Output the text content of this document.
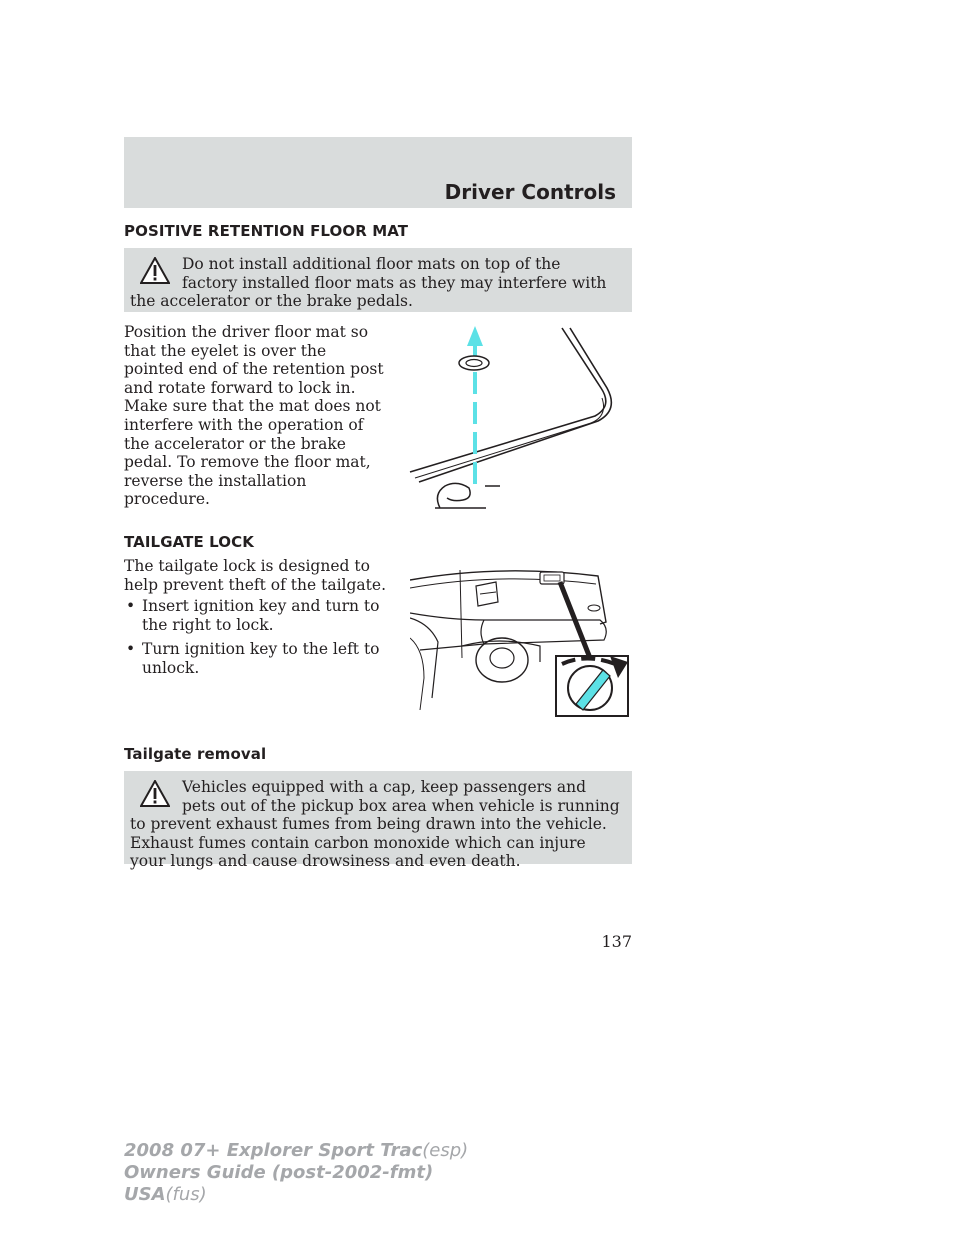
Driver Controls
POSITIVE RETENTION FLOOR MAT
Do not install additional floor mats on top of the factory installed floor mats as they may interfere with the accelerator or the brake pedals.
Position the driver floor mat so that the eyelet is over the pointed end of the retention post and rotate forward to lock in. Make sure that the mat does not interfere with the operation of the accelerator or the brake pedal. To remove the floor mat, reverse the installation procedure.
TAILGATE LOCK
The tailgate lock is designed to help prevent theft of the tailgate.
• Insert ignition key and turn to the right to lock.
• Turn ignition key to the left to unlock.
Tailgate removal
Vehicles equipped with a cap, keep passengers and pets out of the pickup box area when vehicle is running to prevent exhaust fumes from being drawn into the vehicle. Exhaust fumes contain carbon monoxide which can injure your lungs and cause drowsiness and even death.
137
2008 07+ Explorer Sport Trac(esp)
Owners Guide (post-2002-fmt)
USA(fus)
